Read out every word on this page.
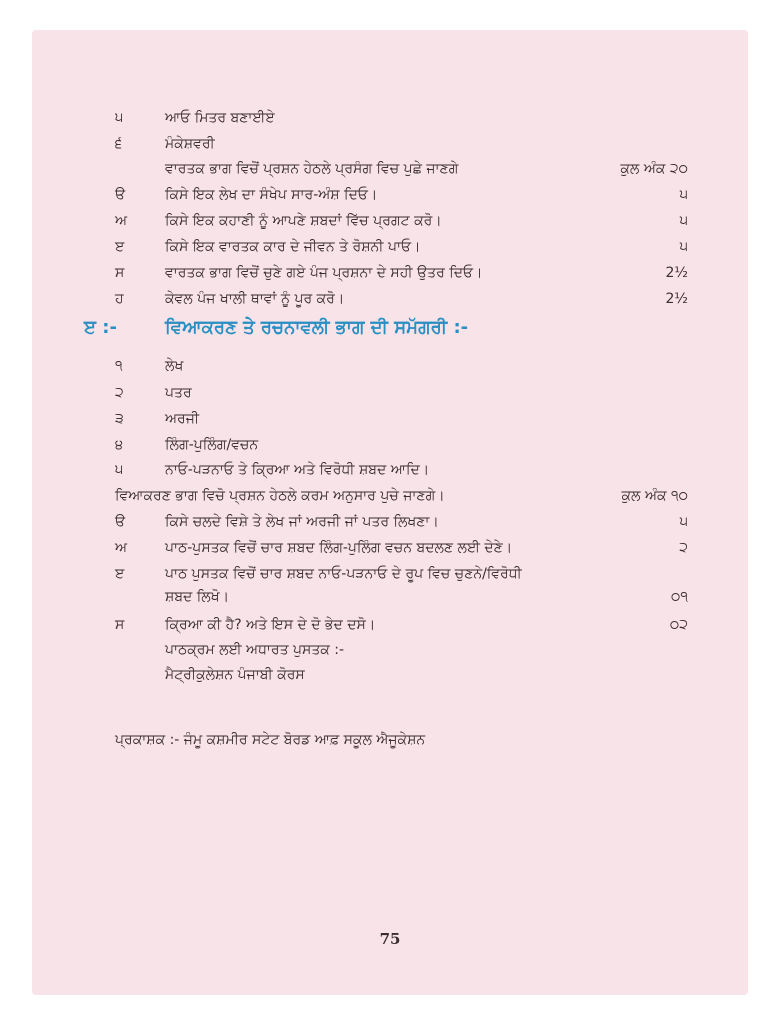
੫	ਆਓ ਮਿਤਰ ਬਣਾਈਏ
੬	ਮੰਕੇਸ਼ਵਰੀ
ਵਾਰਤਕ ਭਾਗ ਵਿਚੋਂ ਪ੍ਰਸ਼ਨ ਹੇਠਲੇ ਪ੍ਰਸੰਗ ਵਿਚ ਪੁਛੇ ਜਾਣਗੇ	ਕੁਲ ਅੰਕ ੨੦
ੳ	ਕਿਸੇ ਇਕ ਲੇਖ ਦਾ ਸੰਖੇਪ ਸਾਰ-ਅੰਸ਼ ਦਿਓ।	੫
ਅ	ਕਿਸੇ ਇਕ ਕਹਾਣੀ ਨੂੰ ਆਪਣੇ ਸ਼ਬਦਾਂ ਵਿੱਚ ਪ੍ਰਗਟ ਕਰੋ।	੫
ੲ	ਕਿਸੇ ਇਕ ਵਾਰਤਕ ਕਾਰ ਦੇ ਜੀਵਨ ਤੇ ਰੋਸ਼ਨੀ ਪਾਓ।	੫
ਸ	ਵਾਰਤਕ ਭਾਗ ਵਿਚੋਂ ਚੁਣੇ ਗਏ ਪੰਜ ਪ੍ਰਸ਼ਨਾ ਦੇ ਸਹੀ ਉਤਰ ਦਿਓ।	2½
ਹ	ਕੇਵਲ ਪੰਜ ਖਾਲੀ ਥਾਵਾਂ ਨੂੰ ਪੂਰ ਕਰੋ।	2½
ੲ :-	ਵਿਆਕਰਣ ਤੇ ਰਚਨਾਵਲੀ ਭਾਗ ਦੀ ਸਮੱਗਰੀ :-
੧	ਲੇਖ
੨	ਪਤਰ
੩	ਅਰਜੀ
੪	ਲਿੰਗ-ਪੁਲਿੰਗ/ਵਚਨ
੫	ਨਾਓ-ਪੜਨਾਓ ਤੇ ਕ੍ਰਿਆ ਅਤੇ ਵਿਰੋਧੀ ਸ਼ਬਦ ਆਦਿ।
ਵਿਆਕਰਣ ਭਾਗ ਵਿਚੋ ਪ੍ਰਸ਼ਨ ਹੇਠਲੇ ਕਰਮ ਅਨੁਸਾਰ ਪੁਚੇ ਜਾਣਗੇ।	ਕੁਲ ਅੰਕ ੧੦
ੳ	ਕਿਸੇ ਚਲਦੇ ਵਿਸ਼ੇ ਤੇ ਲੇਖ ਜਾਂ ਅਰਜੀ ਜਾਂ ਪਤਰ ਲਿਖਣਾ।	੫
ਅ	ਪਾਠ-ਪੁਸਤਕ ਵਿਚੋਂ ਚਾਰ ਸ਼ਬਦ ਲਿੰਗ-ਪੁਲਿੰਗ ਵਚਨ ਬਦਲਣ ਲਈ ਦੇਣੇ।	੨
ੲ	ਪਾਠ ਪੁਸਤਕ ਵਿਚੋਂ ਚਾਰ ਸ਼ਬਦ ਨਾਓ-ਪੜਨਾਓ ਦੇ ਰੂਪ ਵਿਚ ਚੁਣਨੇ/ਵਿਰੋਧੀ
ਸ਼ਬਦ ਲਿਖੋ।	੦੧
ਸ	ਕ੍ਰਿਆ ਕੀ ਹੈ? ਅਤੇ ਇਸ ਦੇ ਦੋ ਭੇਦ ਦਸੋ।	੦੨
ਪਾਠਕ੍ਰਮ ਲਈ ਅਧਾਰਤ ਪੁਸਤਕ :-
ਮੈਟ੍ਰੀਕੁਲੇਸ਼ਨ ਪੰਜਾਬੀ ਕੋਰਸ
ਪ੍ਰਕਾਸ਼ਕ :- ਜੰਮੂ ਕਸ਼ਮੀਰ ਸਟੇਟ ਬੋਰਡ ਆਫ਼ ਸਕੂਲ ਐਜੂਕੇਸ਼ਨ
75
